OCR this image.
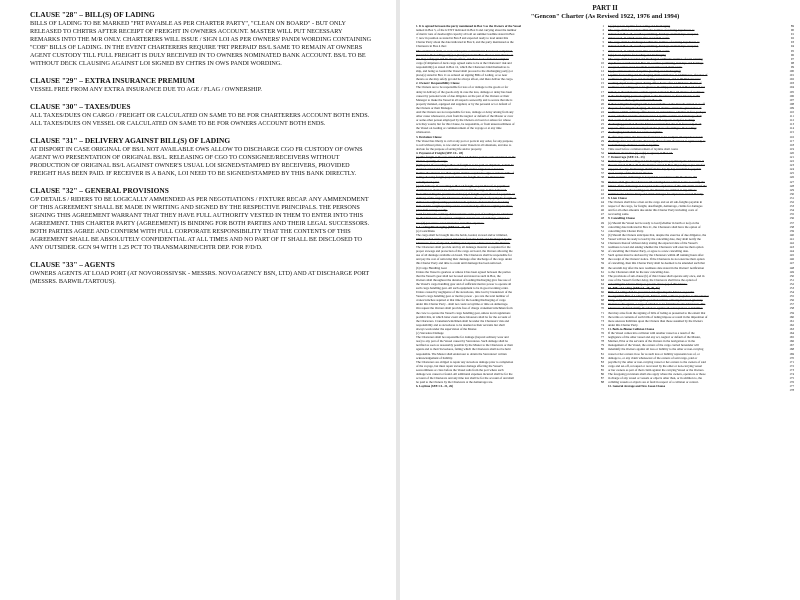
CLAUSE "28" – BILL(S) OF LADING
BILLS OF LADING TO BE MARKED "FRT PAYABLE AS PER CHARTER PARTY", "CLEAN ON BOARD" - BUT ONLY RELEASED TO CHRTRS AFTER RECEIPT OF FREIGHT IN OWNERS ACCOUNT. MASTER WILL PUT NECESSARY REMARKS INTO THE M/R ONLY. CHARTERERS WILL ISSUE / SIGN LOI AS PER OWNERS' PANDI WORDING CONTAINING "COB" BILLS OF LADING. IN THE EVENT CHARTERERS REQUIRE 'FRT PREPAID' BS/L SAME TO REMAIN AT OWNERS AGENT CUSTODY TILL FULL FREIGHT IS DULY RECEIVED IN TO OWNERS NOMINATED BANK ACCOUNT. BS/L TO BE WITHOUT DECK CLAUSING AGAINST LOI SIGNED BY CHTRS IN OWS PANDI WORDING.
CLAUSE "29" – EXTRA INSURANCE PREMIUM
VESSEL FREE FROM ANY EXTRA INSURANCE DUE TO AGE / FLAG / OWNERSHIP.
CLAUSE "30" – TAXES/DUES
ALL TAXES/DUES ON CARGO / FREIGHT OR CALCULATED ON SAME TO BE FOR CHARTERERS ACCOUNT BOTH ENDS. ALL TAXES/DUES ON VESSEL OR CALCULATED ON SAME TO BE FOR OWNERS ACCOUNT BOTH ENDS.
CLAUSE "31" – DELIVERY AGAINST BILL(S) OF LADING
AT DISPORT IN CASE ORIGINAL OF BS/L NOT AVAILABLE OWS ALLOW TO DISCHARGE CGO FR CUSTODY OF OWNS AGENT W/O PRESENTATION OF ORIGINAL BS/L. RELEASING OF CGO TO CONSIGNEE/RECEIVERS WITHOUT PRODUCTION OF ORIGINAL BS/L AGAINST OWNER'S USUAL LOI SIGNED/STAMPED BY RECEIVERS, PROVIDED FREIGHT HAS BEEN PAID. IF RECEIVER IS A BANK, LOI NEED TO BE SIGNED/STAMPED BY THIS BANK DIRECTLY.
CLAUSE "32" – GENERAL PROVISIONS
C/P DETAILS / RIDERS TO BE LOGICALLY AMMENDED AS PER NEGOTIATIONS / FIXTURE RECAP. ANY AMMENDMENT OF THIS AGREEMENT SHALL BE MADE IN WRITING AND SIGNED BY THE RESPECTIVE PRINCIPALS. THE PERSONS SIGNING THIS AGREEMENT WARRANT THAT THEY HAVE FULL AUTHORITY VESTED IN THEM TO ENTER INTO THIS AGREEMENT. THIS CHARTER PARTY (AGREEMENT) IS BINDING FOR BOTH PARTIES AND THEIR LEGAL SUCCESSORS. BOTH PARTIES AGREE AND CONFIRM WITH FULL CORPORATE RESPONSIBILITY THAT THE CONTENTS OF THIS AGREEMENT SHALL BE ABSOLUTELY CONFIDENTIAL AT ALL TIMES AND NO PART OF IT SHALL BE DISCLOSED TO ANY OUTSIDER. GCN 94 WITH 1.25 PCT TO TRANSMARINE/CHTR DEP. FOR F/D/D.
CLAUSE "33" – AGENTS
OWNERS AGENTS AT LOAD PORT (AT NOVOROSSIYSK - MESSRS. NOVOAGENCY BSN, LTD) AND AT DISCHARGE PORT (MESSRS. BARWIL/TARTOUS).
PART II
"Gencon" Charter (As Revised 1922, 1976 and 1994)
1. It is agreed between the party mentioned in Box 3 as the Owners of the Vessel
named in Box 5, of the GT/NT indicated in Box 6 and carrying about the number
of metric tons of deadweight capacity all told on summer loadline stated in Box
7, now in position as stated in Box 8 and expected ready to load under this
Charter Party about the date indicated in Box 9, and the party mentioned as the
Charterers in Box 4 that:
The said Vessel shall, as soon as her prior commitments have been completed,
proceed to the loading port(s) or place(s) stated in Box 10 or so near thereto as
she may safely get and lie always afloat, and there load a full and complete
cargo (if shipment of deck cargo agreed same to be at the Charterers' risk and
responsibility) as stated in Box 12, which the Charterers bind themselves to
ship, and being so loaded the Vessel shall proceed to the discharging port(s) or
place(s) stated in Box 11 as ordered on signing Bills of Lading, or so near
thereto as she may safely get and lie always afloat, and there deliver the cargo.
2. Owners' Responsibility Clause
The Owners are to be responsible for loss of or damage to the goods or for
delay in delivery of the goods only in case the loss, damage or delay has been
caused by personal want of due diligence on the part of the Owners or their
Manager to make the Vessel in all respects seaworthy and to secure that she is
properly manned, equipped and supplied, or by the personal act or default of
the Owners or their Manager.
And the Owners are not responsible for loss, damage or delay arising from any
other cause whatsoever, even from the neglect or default of the Master or crew
or some other person employed by the Owners on board or ashore for whose
acts they would, but for this Clause, be responsible, or from unseaworthiness of
the Vessel on loading or commencement of the voyage or at any time
whatsoever.
3. Deviation Clause
The Vessel has liberty to call at any port or ports in any order, for any purpose,
to sail without pilots, to tow and/or assist Vessels in all situations, and also to
deviate for the purpose of saving life and/or property.
4. Payment of Freight (SEE CL. 28)
(a) The freight at the rate stated in Box 13 shall be paid in cash calculated on the
intaken quantity of cargo.
(b) Prepaid. If according to Box 13 freight is to be paid on shipment, it shall be
deemed earned and non-returnable, Vessel and/or cargo lost or not lost.
Neither the Owners nor their agents shall be required to sign or endorse bills of
lading showing freight prepaid unless the freight due to the Owners has
actually been paid.
(c) On delivery. If according to Box 13 freight, or part thereof, is payable at
destination it shall not be deemed earned until the cargo is thus delivered.
Notwithstanding the provisions under (a), if freight or part thereof is payable on
delivery of the cargo the Charterers shall have the option of paying the freight on
delivered weight/quantity provided such option is declared before breaking
bulk and the weight/quantity can be ascertained by official weighing machine,
joint draft survey or tally.
Cash for Vessel's ordinary disbursements at the port of loading to be advanced
by the Charterers, if required, at highest current rate of exchange, subject to
two (2) per cent to cover insurance and other expenses.
5. Loading/Discharging (SEE CL. 21, 22)
(a) Costs/Risks
The cargo shall be brought into the holds, loaded, stowed and/or trimmed,
tallied, lashed and/or secured and taken from the holds and discharged by the
Charterers, free of any risk, liability and expense whatsoever to the Owners.
The Charterers shall provide and lay all dunnage material as required for the
proper stowage and protection of the cargo on board, the Owners allowing the
use of all dunnage available on board. The Charterers shall be responsible for
and pay the cost of removing their dunnage after discharge of the cargo under
this Charter Party and time to count until dunnage has been removed.
(b) Cargo Handling Gear
Unless the Vessel is gearless or unless it has been agreed between the parties
that the Vessel's gear shall not be used and stated as such in Box, the
Owners shall throughout the duration of loading/discharging give free use of
the Vessel's cargo handling gear and of sufficient motive power to operate all
such cargo handling gear. All such equipment to be in good working order.
Unless caused by negligence of the stevedores, time lost by breakdown of the
Vessel's cargo handling gear or motive power - pro rata the total number of
cranes/winches required at that time for the loading/discharging of cargo
under this Charter Party - shall not count as laytime or time on demurrage.
On request the Owners shall provide free of charge cranemen/winchmen from
the crew to operate the Vessel's cargo handling gear, unless local regulations
prohibit this, in which latter event shore labourers shall be for the account of
the Charterers. Cranemen/winchmen shall be under the Charterers' risk and
responsibility and as stevedores to be deemed as their servants but shall
always work under the supervision of the Master.
(c) Stevedore Damage
The Charterers shall be responsible for damage (beyond ordinary wear and
tear) to any part of the Vessel caused by Stevedores. Such damage shall be
notified as soon as reasonably possible by the Master to the Charterers or their
agents and to their Stevedores, failing which the Charterers shall not be held
responsible. The Master shall endeavour to obtain the Stevedores' written
acknowledgement of liability.
The Charterers are obliged to repair any stevedore damage prior to completion
of the voyage, but must repair stevedore damage affecting the Vessel's
seaworthiness or class before the Vessel sails from the port where such
damage was caused or found. All additional expenses incurred shall be for the
account of the Charterers and any time lost shall be for the account of and shall
be paid to the Owners by the Charterers at the demurrage rate.
6. Laytime (SEE CL. 21, 26)
1
2
3
4
5
6
7
8
9
10
11
12
13
14
15
16
17
18
19
20
21
22
23
24
25
26
27
28
29
30
31
32
33
34
35
36
37
38
39
40
41
42
43
44
45
46
47
48
49
50
51
52
53
54
55
56
57
58
59
60
61
62
63
64
65
66
67
68
69
70
71
72
73
74
75
76
77
78
79
80
81
82
83
84
85
86
87
88
* (a) Separate laytime for loading and discharging
The cargo shall be loaded within the number of running days/hours as
indicated in Box 16, weather permitting, Sundays and holidays excepted,
unless used, in which event time used shall count.
The cargo shall be discharged within the number of running days/hours as
indicated in Box 16, weather permitting, Sundays and holidays excepted,
unless used, in which event time used shall count.
* (b) Total laytime for loading and discharging
The cargo shall be loaded and discharged within the number of total running
days/hours as indicated in Box 16, weather permitting, Sundays and holidays
excepted, unless used, in which event time used shall count.
* (c) Commencement of laytime (loading and discharging)
Laytime for loading and discharging shall commence at 13.00 hours, if notice of
readiness is given up to and including 12.00 hours, and at 06.00 hours next
working day if notice given during office hours after 12.00 hours. Notice of
readiness at loading port to be given to the Shippers named in Box 17 or if not
named, to the Charterers or their agents named in Box 18. Notice of readiness
at the discharging port to be given to the Receivers or, if not known, to the
Charterers or their agents named in Box 19.
If the loading/discharging berth is not available on the Vessel's arrival at or off
the port of loading/discharging, the Vessel shall be entitled to give notice of
readiness within ordinary office hours on arrival there, whether in free pratique
or not, whether customs cleared or not. Laytime or time on demurrage shall
then count as if she were in berth and in all respects ready for loading/
discharging provided that the Master warrants that she is in fact ready in all
respects. Time used in moving from the place of waiting to the loading/
discharging berth shall not count as laytime.
If, after inspection, the Vessel is found not to be ready in all respects to load/
discharge time lost after the discovery thereof until the Vessel is again ready to
load/discharge shall not count as laytime.
Time used before commencement of laytime shall count.
* Indicate alternative (a) or (b) as agreed, in Box 16.
7. Demurrage (SEE CL. 23)
Demurrage at the loading and discharging port is payable by the Charterers at
the rate stated in Box 20 in the manner stated in Box 20 per day or pro rata for
any part of a day. Demurrage shall fall due day by day and shall be payable
upon receipt of the Owners' invoice.
In the event the demurrage is not paid in accordance with the above, the
Owners shall give the Charterers 96 running hours written notice to rectify the
failure. If the demurrage is not paid at the expiration of this time limit and if the
Vessel is in or at the loading port, the Owners are entitled at any time to
terminate the Charter Party and claim damages for any losses caused thereby.
8. Lien Clause
The Owners shall have a lien on the cargo and on all sub-freights payable in
respect of the cargo, for freight, deadfreight, demurrage, claims for damages
and for all other amounts due under this Charter Party including costs of
recovering same.
9. Cancelling Clause
(a) Should the Vessel not be ready to load (whether in berth or not) on the
cancelling date indicated in Box 21, the Charterers shall have the option of
cancelling this Charter Party.
(b) Should the Owners anticipate that, despite the exercise of due diligence, the
Vessel will not be ready to load by the cancelling date, they shall notify the
Charterers thereof without delay stating the expected date of the Vessel's
readiness to load and asking whether the Charterers will exercise their option
of cancelling the Charter Party, or agree to a new cancelling date.
Such option must be declared by the Charterers within 48 running hours after
the receipt of the Owners' notice. If the Charterers do not exercise their option
of cancelling, then this Charter Party shall be deemed to be amended such that
the seventh day after the new readiness date stated in the Owners' notification
to the Charterers shall be the new cancelling date.
The provisions of sub-clause (b) of this Clause shall operate only once, and in
case of the Vessel's further delay, the Charterers shall have the option of
cancelling the Charter Party as per sub-clause (a) of this Clause.
10. Bills of Lading (SEE CL. 28, 29, 31)
Bills of Lading shall be presented and signed by the Master as per the
"Congenbill" Bill of Lading form, Edition 1994, without prejudice to this Charter
Party, or by the Owners' agents provided written authority has been given by
Owners to the agents, a copy of which is to be furnished to the Charterers. The
Charterers shall indemnify the Owners against all consequences or liabilities
that may arise from the signing of bills of lading as presented to the extent that
the terms or contents of such bills of lading impose or result in the imposition of
more onerous liabilities upon the Owners than those assumed by the Owners
under this Charter Party.
11. Both-to-Blame Collision Clause
If the Vessel comes into collision with another vessel as a result of the
negligence of the other vessel and any act, neglect or default of the Master,
Mariner, Pilot or the servants of the Owners in the navigation or in the
management of the Vessel, the owners of the cargo carried hereunder will
indemnify the Owners against all loss or liability to the other or non-carrying
vessel or her owners in so far as such loss or liability represents loss of, or
damage to, or any claim whatsoever of the owners of said cargo, paid or
payable by the other or non-carrying vessel or her owners to the owners of said
cargo and set-off, recouped or recovered by the other or non-carrying vessel
or her owners as part of their claim against the carrying Vessel or the Owners.
The foregoing provisions shall also apply where the owners, operators or those
in charge of any vessel or vessels or objects other than, or in addition to, the
colliding vessels or objects are at fault in respect of a collision or contact.
12. General Average and New Jason Clause
89
90
91
92
93
94
95
96
97
98
99
100
101
102
103
104
105
106
107
108
109
110
111
112
113
114
115
116
117
118
119
120
121
122
123
124
125
126
127
128
129
130
131
132
133
134
135
136
137
138
139
140
141
142
143
144
145
146
147
148
149
150
151
152
153
154
155
156
157
158
159
160
161
162
163
164
165
166
167
168
169
170
171
172
173
174
175
176
177
178
